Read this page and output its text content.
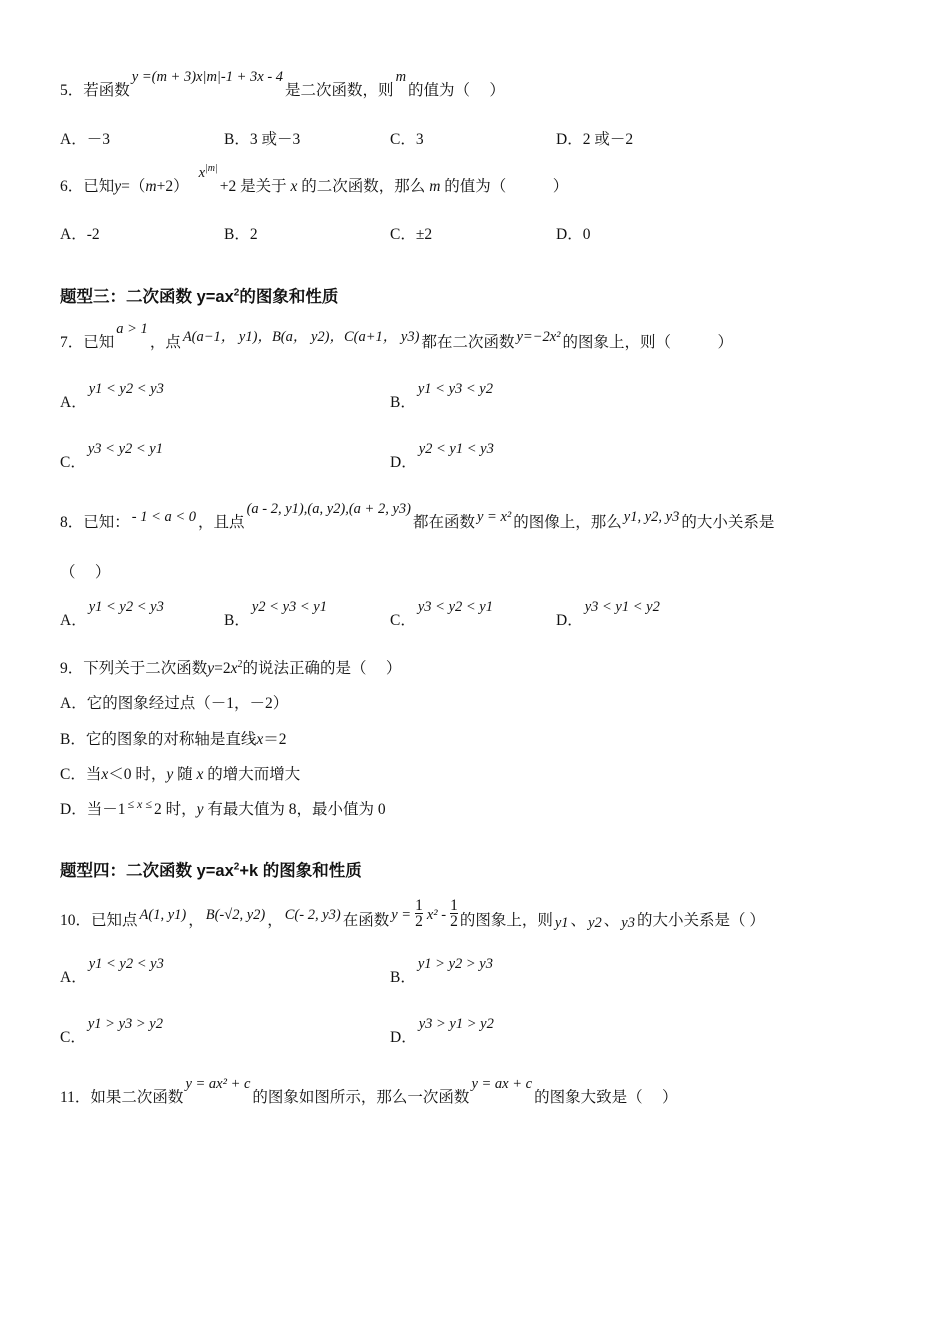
5．若函数y =(m + 3)x|m|-1 + 3x - 4是二次函数，则m的值为（　 ）
A．－3	B．3 或－3	C．3	D．2 或－2
6．已知$y=(m+2)x^{|m|}+2$ 是关于 x 的二次函数，那么 m 的值为（　　　）
A．-2	B．2	C．±2	D．0
题型三：二次函数 $y=ax^2$的图象和性质
7．已知a > 1，点 A(a−1， y1)，B(a， y2)，C(a+1， y3) 都在二次函数 y=−2x² 的图象上，则（　　　）
A．y1 < y2 < y3
B．y1 < y3 < y2
C．y3 < y2 < y1
D．y2 < y1 < y3
8．已知： - 1 < a < 0 ，且点(a - 2, y1),(a, y2),(a + 2, y3)都在函数 y = x² 的图像上，那么 y1, y2, y3 的大小关系是
（　 ）
A．y1 < y2 < y3
B．y2 < y3 < y1
C．y3 < y2 < y1
D．y3 < y1 < y2
9．下列关于二次函数$y=2x^2$的说法正确的是（　 ）
A．它的图象经过点（－1，－2）
B．它的图象的对称轴是直线x＝2
C．当x＜0 时，y 随 x 的增大而增大
D．当－1 $^{\le x \le}$ 2 时，y 有最大值为 8，最小值为 0
题型四：二次函数 $y=ax^2+k$ 的图象和性质
10．已知点 A(1, y1) ， B(-√2, y2) ， C(- 2, y3) 在函数 $y = \frac{1}{2} x^2 - \frac{1}{2}$ 的图象上，则 y1 、 y2 、 y3 的大小关系是（ ）
A．y1 < y2 < y3
B．y1 > y2 > y3
C．y1 > y3 > y2
D．y3 > y1 > y2
11．如果二次函数y = ax² + c的图象如图所示，那么一次函数y = ax + c的图象大致是（　 ）
